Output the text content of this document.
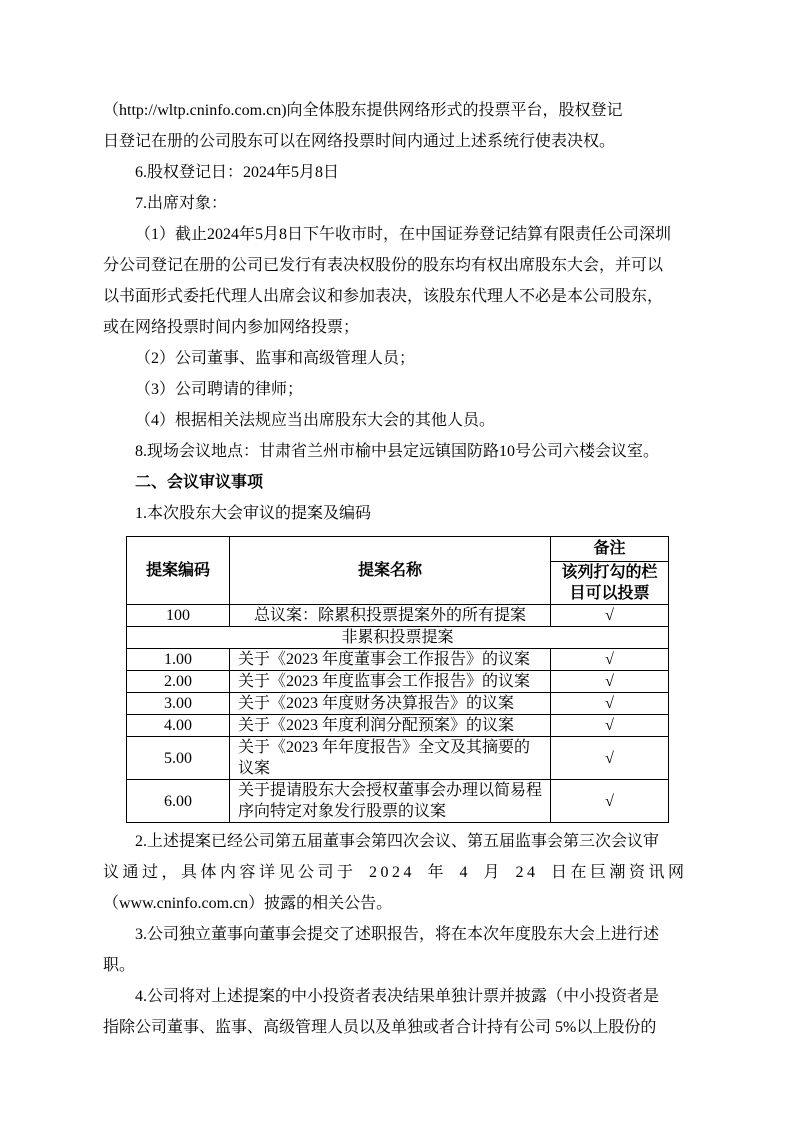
（http://wltp.cninfo.com.cn)向全体股东提供网络形式的投票平台，股权登记
日登记在册的公司股东可以在网络投票时间内通过上述系统行使表决权。
6.股权登记日：2024年5月8日
7.出席对象：
（1）截止2024年5月8日下午收市时，在中国证券登记结算有限责任公司深圳
分公司登记在册的公司已发行有表决权股份的股东均有权出席股东大会，并可以
以书面形式委托代理人出席会议和参加表决，该股东代理人不必是本公司股东，
或在网络投票时间内参加网络投票；
（2）公司董事、监事和高级管理人员；
（3）公司聘请的律师；
（4）根据相关法规应当出席股东大会的其他人员。
8.现场会议地点：甘肃省兰州市榆中县定远镇国防路10号公司六楼会议室。
二、会议审议事项
1.本次股东大会审议的提案及编码
提案编码	提案名称	备注
		该列打勾的栏目可以投票
100	总议案：除累积投票提案外的所有提案	√
非累积投票提案		
1.00	关于《2023 年度董事会工作报告》的议案	√
2.00	关于《2023 年度监事会工作报告》的议案	√
3.00	关于《2023 年度财务决算报告》的议案	√
4.00	关于《2023 年度利润分配预案》的议案	√
5.00	关于《2023 年年度报告》全文及其摘要的议案	√
6.00	关于提请股东大会授权董事会办理以简易程序向特定对象发行股票的议案	√
2.上述提案已经公司第五届董事会第四次会议、第五届监事会第三次会议审
议通过，具体内容详见公司于 2024 年 4 月 24 日在巨潮资讯网
（www.cninfo.com.cn）披露的相关公告。
3.公司独立董事向董事会提交了述职报告，将在本次年度股东大会上进行述
职。
4.公司将对上述提案的中小投资者表决结果单独计票并披露（中小投资者是
指除公司董事、监事、高级管理人员以及单独或者合计持有公司 5%以上股份的
